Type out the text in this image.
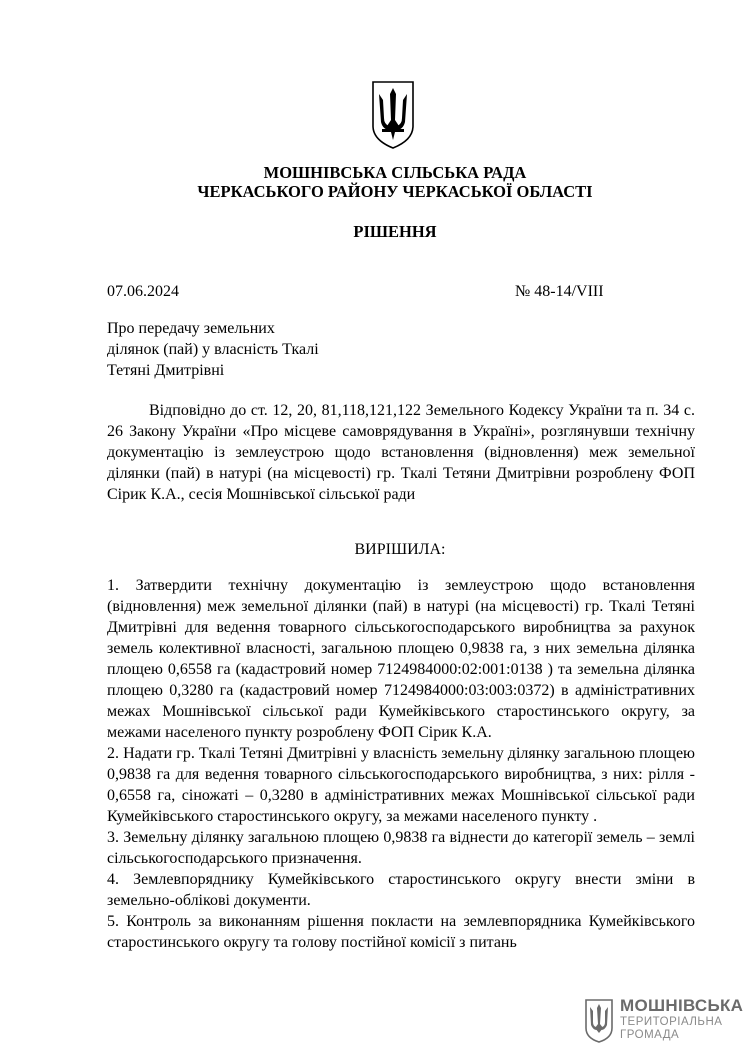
МОШНІВСЬКА СІЛЬСЬКА РАДА
ЧЕРКАСЬКОГО РАЙОНУ ЧЕРКАСЬКОЇ ОБЛАСТІ
РІШЕННЯ
07.06.2024	№ 48-14/VIII
Про передачу земельних
ділянок (пай) у власність Ткалі
Тетяні Дмитрівні
Відповідно до ст. 12, 20, 81,118,121,122 Земельного Кодексу України та п. 34 с. 26 Закону України «Про місцеве самоврядування в Україні», розглянувши технічну документацію із землеустрою щодо встановлення (відновлення) меж земельної ділянки (пай) в натурі (на місцевості) гр. Ткалі Тетяни Дмитрівни розроблену ФОП Сірик К.А., сесія Мошнівської сільської ради
ВИРІШИЛА:

1. Затвердити технічну документацію із землеустрою щодо встановлення (відновлення) меж земельної ділянки (пай) в натурі (на місцевості) гр. Ткалі Тетяні Дмитрівні для ведення товарного сільськогосподарського виробництва за рахунок земель колективної власності, загальною площею 0,9838 га, з них земельна ділянка площею 0,6558 га (кадастровий номер 7124984000:02:001:0138 ) та земельна ділянка площею 0,3280 га (кадастровий номер 7124984000:03:003:0372) в адміністративних межах Мошнівської сільської ради Кумейківського старостинського округу, за межами населеного пункту розроблену ФОП Сірик К.А.

2. Надати гр. Ткалі Тетяні Дмитрівні у власність земельну ділянку загальною площею 0,9838 га для ведення товарного сільськогосподарського виробництва, з них: рілля - 0,6558 га, сіножаті – 0,3280 в адміністративних межах Мошнівської сільської ради Кумейківського старостинського округу, за межами населеного пункту .

3. Земельну ділянку загальною площею 0,9838 га віднести до категорії земель – землі сільськогосподарського призначення.

4. Землевпоряднику Кумейківського старостинського округу внести зміни в земельно-облікові документи.

5. Контроль за виконанням рішення покласти на землевпорядника Кумейківського старостинського округу та голову постійної комісії з питань

МОШНІВСЬКА
ТЕРИТОРІАЛЬНА
ГРОМАДА
